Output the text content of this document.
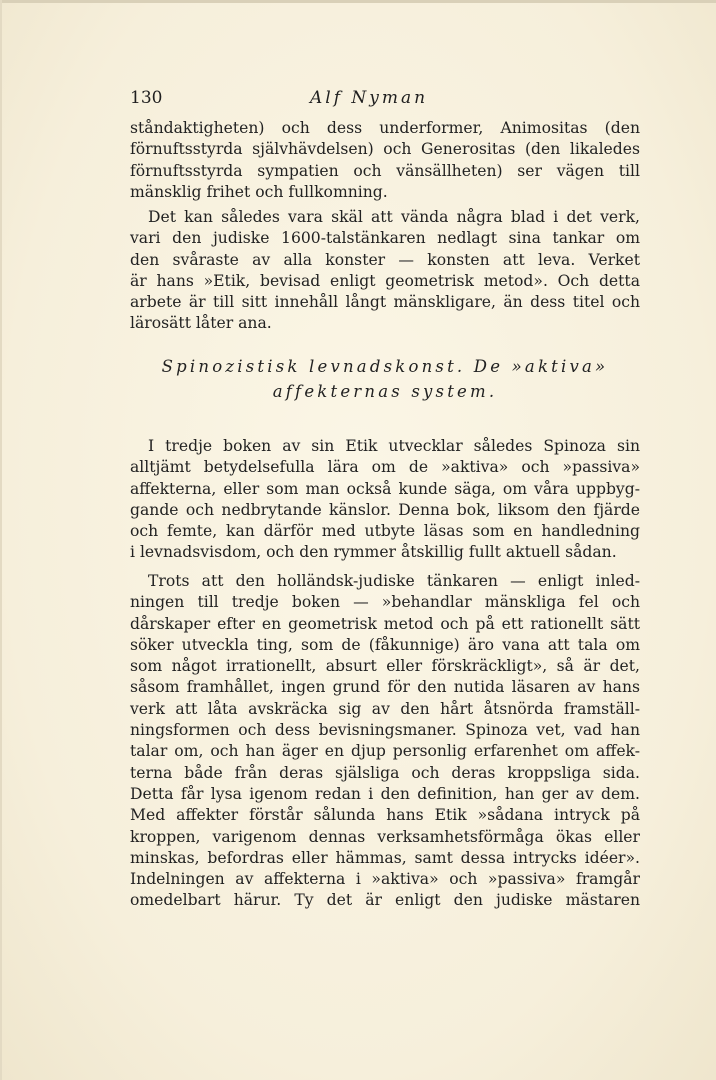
130	Alf Nyman
ståndaktigheten) och dess underformer, Animositas (den
förnuftsstyrda självhävdelsen) och Generositas (den likaledes
förnuftsstyrda sympatien och vänsällheten) ser vägen till
mänsklig frihet och fullkomning.
Det kan således vara skäl att vända några blad i det verk,
vari den judiske 1600-talstänkaren nedlagt sina tankar om
den svåraste av alla konster — konsten att leva. Verket
är hans »Etik, bevisad enligt geometrisk metod». Och detta
arbete är till sitt innehåll långt mänskligare, än dess titel och
lärosätt låter ana.
Spinozistisk levnadskonst. De »aktiva»
affekternas system.
I tredje boken av sin Etik utvecklar således Spinoza sin
alltjämt betydelsefulla lära om de »aktiva» och »passiva»
affekterna, eller som man också kunde säga, om våra uppbyg-
gande och nedbrytande känslor. Denna bok, liksom den fjärde
och femte, kan därför med utbyte läsas som en handledning
i levnadsvisdom, och den rymmer åtskillig fullt aktuell sådan.
Trots att den holländsk-judiske tänkaren — enligt inled-
ningen till tredje boken — »behandlar mänskliga fel och
dårskaper efter en geometrisk metod och på ett rationellt sätt
söker utveckla ting, som de (fåkunnige) äro vana att tala om
som något irrationellt, absurt eller förskräckligt», så är det,
såsom framhållet, ingen grund för den nutida läsaren av hans
verk att låta avskräcka sig av den hårt åtsnörda framställ-
ningsformen och dess bevisningsmaner. Spinoza vet, vad han
talar om, och han äger en djup personlig erfarenhet om affek-
terna både från deras själsliga och deras kroppsliga sida.
Detta får lysa igenom redan i den definition, han ger av dem.
Med affekter förstår sålunda hans Etik »sådana intryck på
kroppen, varigenom dennas verksamhetsförmåga ökas eller
minskas, befordras eller hämmas, samt dessa intrycks idéer».
Indelningen av affekterna i »aktiva» och »passiva» framgår
omedelbart härur. Ty det är enligt den judiske mästaren
